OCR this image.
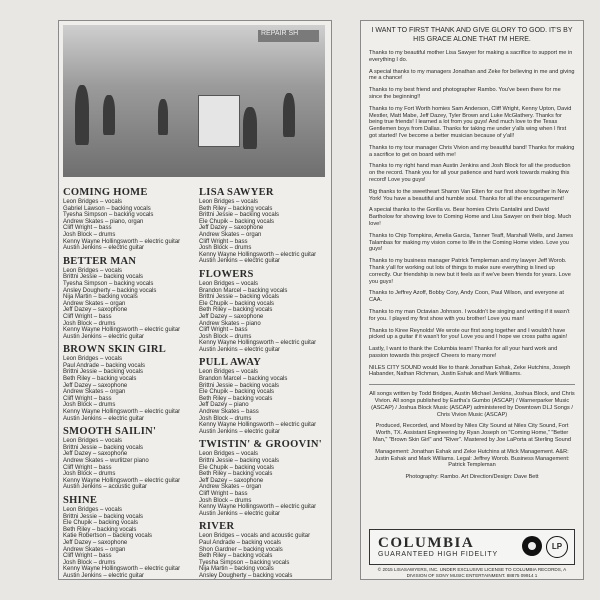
REPAIR SH
COMING HOME
Leon Bridges – vocals
Gabriel Lawson – backing vocals
Tyesha Simpson – backing vocals
Andrew Skates – piano, organ
Cliff Wright – bass
Josh Block – drums
Kenny Wayne Hollingsworth – electric guitar
Austin Jenkins – electric guitar
BETTER MAN
Leon Bridges – vocals
Brittni Jessie – backing vocals
Tyesha Simpson – backing vocals
Ansley Dougherty – backing vocals
Nija Martin – backing vocals
Andrew Skates – organ
Jeff Dazey – saxophone
Cliff Wright – bass
Josh Block – drums
Kenny Wayne Hollingsworth – electric guitar
Austin Jenkins – electric guitar
BROWN SKIN GIRL
Leon Bridges – vocals
Paul Andrade – backing vocals
Brittni Jessie – backing vocals
Beth Riley – backing vocals
Jeff Dazey – saxophone
Andrew Skates – organ
Cliff Wright – bass
Josh Block – drums
Kenny Wayne Hollingsworth – electric guitar
Austin Jenkins – electric guitar
SMOOTH SAILIN'
Leon Bridges – vocals
Brittni Jessie – backing vocals
Jeff Dazey – saxophone
Andrew Skates – wurlitzer piano
Cliff Wright – bass
Josh Block – drums
Kenny Wayne Hollingsworth – electric guitar
Austin Jenkins – acoustic guitar
SHINE
Leon Bridges – vocals
Brittni Jessie – backing vocals
Ele Chupik – backing vocals
Beth Riley – backing vocals
Katie Robertson – backing vocals
Jeff Dazey – saxophone
Andrew Skates – organ
Cliff Wright – bass
Josh Block – drums
Kenny Wayne Hollingsworth – electric guitar
Austin Jenkins – electric guitar
LISA SAWYER
Leon Bridges – vocals
Beth Riley – backing vocals
Brittni Jessie – backing vocals
Ele Chupik – backing vocals
Jeff Dazey – saxophone
Andrew Skates – organ
Cliff Wright – bass
Josh Block – drums
Kenny Wayne Hollingsworth – electric guitar
Austin Jenkins – electric guitar
FLOWERS
Leon Bridges – vocals
Brandon Marcel – backing vocals
Brittni Jessie – backing vocals
Ele Chupik – backing vocals
Beth Riley – backing vocals
Jeff Dazey – saxophone
Andrew Skates – piano
Cliff Wright – bass
Josh Block – drums
Kenny Wayne Hollingsworth – electric guitar
Austin Jenkins – electric guitar
PULL AWAY
Leon Bridges – vocals
Brandon Marcel – backing vocals
Brittni Jessie – backing vocals
Ele Chupik – backing vocals
Beth Riley – backing vocals
Jeff Dazey – piano
Andrew Skates – bass
Josh Block – drums
Kenny Wayne Hollingsworth – electric guitar
Austin Jenkins – electric guitar
TWISTIN' & GROOVIN'
Leon Bridges – vocals
Brittni Jessie – backing vocals
Ele Chupik – backing vocals
Beth Riley – backing vocals
Jeff Dazey – saxophone
Andrew Skates – organ
Cliff Wright – bass
Josh Block – drums
Kenny Wayne Hollingsworth – electric guitar
Austin Jenkins – electric guitar
RIVER
Leon Bridges – vocals and acoustic guitar
Paul Andrade – backing vocals
Shon Gardner – backing vocals
Beth Riley – backing vocals
Tyesha Simpson – backing vocals
Nija Martin – backing vocals
Ansley Dougherty – backing vocals
I WANT TO FIRST THANK AND GIVE GLORY TO GOD. IT'S BY HIS GRACE ALONE THAT I'M HERE.

Thanks to my beautiful mother Lisa Sawyer for making a sacrifice to support me in everything I do.

A special thanks to my managers Jonathan and Zeke for believing in me and giving me a chance!

Thanks to my best friend and photographer Rambo. You've been there for me since the beginning!!

Thanks to my Fort Worth homies Sam Anderson, Cliff Wright, Kenny Upton, David Mestler, Matt Mabe, Jeff Dazey, Tyler Brown and Luke McGlathery. Thanks for being true friends! I learned a lot from you guys! And much love to the Texas Gentlemen boys from Dallas. Thanks for taking me under y'alls wing when I first got started! I've become a better musician because of y'all!

Thanks to my tour manager Chris Vivion and my beautiful band! Thanks for making a sacrifice to get on board with me!

Thanks to my right hand man Austin Jenkins and Josh Block for all the production on the record. Thank you for all your patience and hard work towards making this record! Love you guys!

Big thanks to the sweetheart Sharon Van Etten for our first show together in New York! You have a beautiful and humble soul. Thanks for all the encouragement!

A special thanks to the Gorilla vs. Bear homies Chris Cantalini and David Bartholow for showing love to Coming Home and Lisa Sawyer on their blog. Much love!

Thanks to Chip Tompkins, Amelia Garcia, Tanner Teaff, Marshall Wells, and James Talambas for making my vision come to life in the Coming Home video. Love you guys!

Thanks to my business manager Patrick Templeman and my lawyer Jeff Worob. Thank y'all for working out lots of things to make sure everything is lined up correctly. Our friendship is new but it feels as if we've been friends for years. Love you guys!

Thanks to Jeffrey Azoff, Bobby Cory, Andy Coon, Paul Wilson, and everyone at CAA.

Thanks to my man Octavian Johnson. I wouldn't be singing and writing if it wasn't for you. I played my first show with you brother! Love you man!

Thanks to Kiree Reynolds! We wrote our first song together and I wouldn't have picked up a guitar if it wasn't for you! Love you and I hope we cross paths again!

Lastly, I want to thank the Columbia team! Thanks for all your hard work and passion towards this project! Cheers to many more!

NILES CITY SOUND would like to thank Jonathan Eshak, Zeke Hutchins, Joseph Habander, Nathan Richman, Justin Eshak and Mark Williams.

All songs written by Todd Bridges, Austin Michael Jenkins, Joshua Block, and Chris Vivion. All songs published by Eartha's Gumbo (ASCAP) / Warnerparker Music (ASCAP) / Joshua Block Music (ASCAP) administered by Downtown DLJ Songs / Chris Vivion Music (ASCAP)

Produced, Recorded, and Mixed by Niles City Sound at Niles City Sound, Fort Worth, TX. Assistant Engineering by Ryan Joseph on "Coming Home," "Better Man," "Brown Skin Girl" and "River". Mastered by Joe LaPorta at Sterling Sound

Management: Jonathan Eshak and Zeke Hutchins at Mick Management. A&R: Justin Eshak and Mark Williams. Legal: Jeffrey Worob. Business Management: Patrick Templeman

Photography: Rambo. Art Direction/Design: Dave Bett

COLUMBIA
GUARANTEED HIGH FIDELITY
LP
© 2015 LISASAWYERS, INC. UNDER EXCLUSIVE LICENSE TO COLUMBIA RECORDS, A DIVISION OF SONY MUSIC ENTERTAINMENT. 88875 09914 1
